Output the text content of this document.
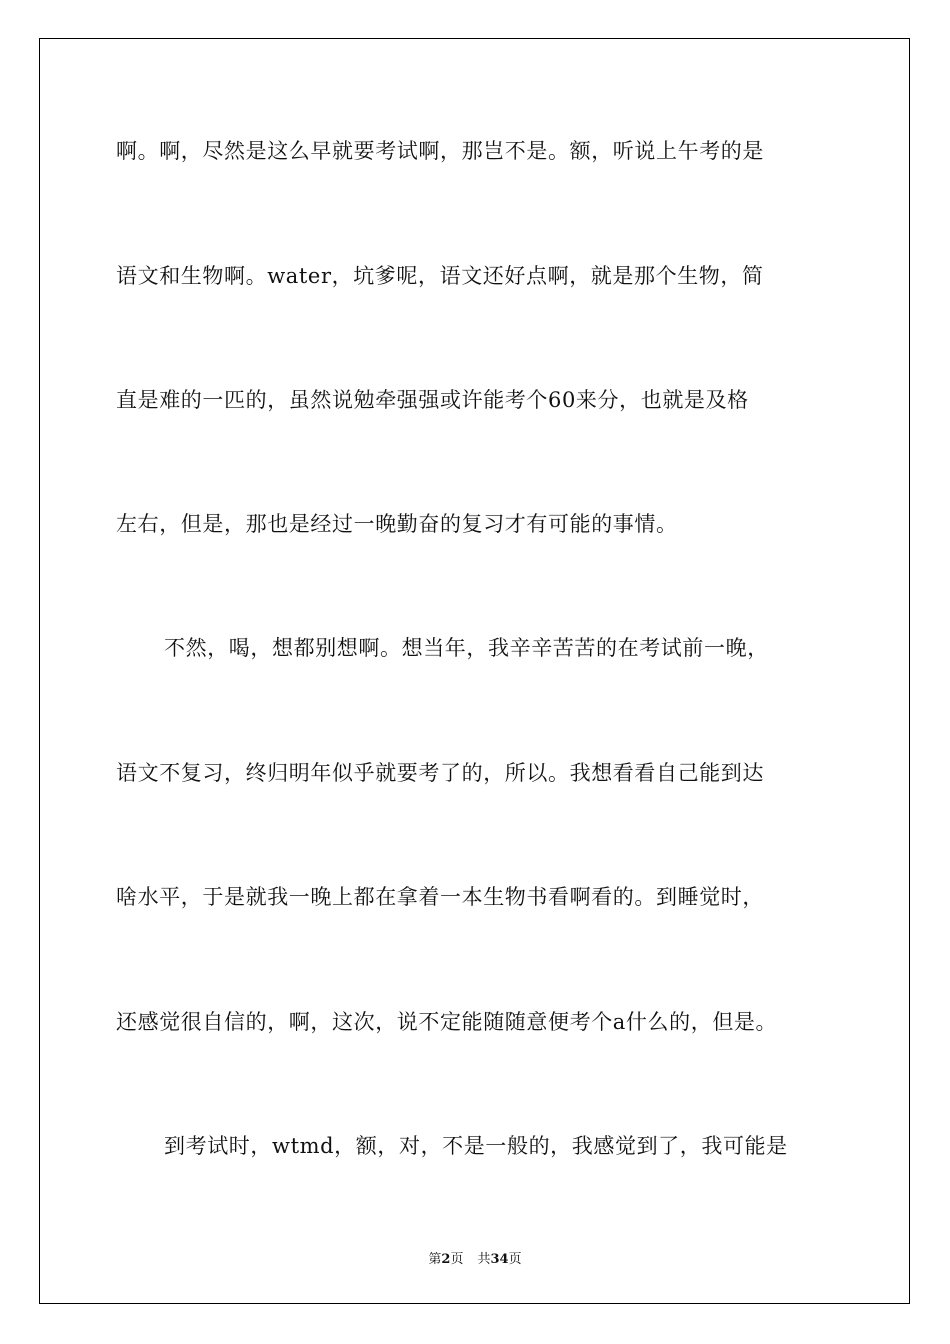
啊。啊，尽然是这么早就要考试啊，那岂不是。额，听说上午考的是
语文和生物啊。water，坑爹呢，语文还好点啊，就是那个生物，简
直是难的一匹的，虽然说勉牵强强或许能考个60来分，也就是及格
左右，但是，那也是经过一晚勤奋的复习才有可能的事情。
不然，喝，想都别想啊。想当年，我辛辛苦苦的在考试前一晚，
语文不复习，终归明年似乎就要考了的，所以。我想看看自己能到达
啥水平，于是就我一晚上都在拿着一本生物书看啊看的。到睡觉时，
还感觉很自信的，啊，这次，说不定能随随意便考个a什么的，但是。
到考试时，wtmd，额，对，不是一般的，我感觉到了，我可能是
第2页 共34页
